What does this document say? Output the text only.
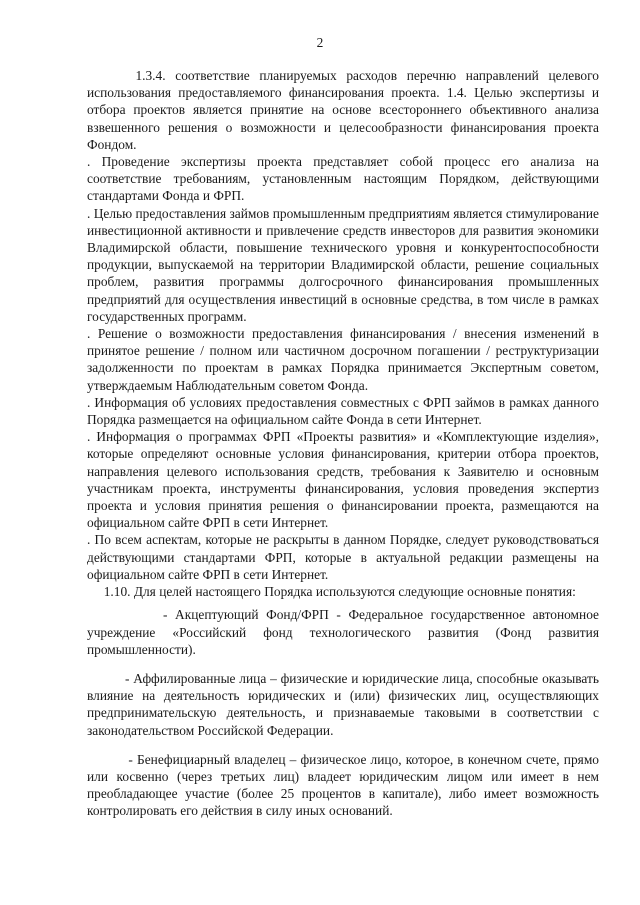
2

1.3.4. соответствие планируемых расходов перечню направлений целевого использования предоставляемого финансирования проекта. 1.4. Целью экспертизы и отбора проектов является принятие на основе всестороннего объективного анализа взвешенного решения о возможности и целесообразности финансирования проекта Фондом.

. Проведение экспертизы проекта представляет собой процесс его анализа на соответствие требованиям, установленным настоящим Порядком, действующими стандартами Фонда и ФРП.

. Целью предоставления займов промышленным предприятиям является стимулирование инвестиционной активности и привлечение средств инвесторов для развития экономики Владимирской области, повышение технического уровня и конкурентоспособности продукции, выпускаемой на территории Владимирской области, решение социальных проблем, развития программы долгосрочного финансирования промышленных предприятий для осуществления инвестиций в основные средства, в том числе в рамках государственных программ.

. Решение о возможности предоставления финансирования / внесения изменений в принятое решение / полном или частичном досрочном погашении / реструктуризации задолженности по проектам в рамках Порядка принимается Экспертным советом, утверждаемым Наблюдательным советом Фонда.

. Информация об условиях предоставления совместных с ФРП займов в рамках данного Порядка размещается на официальном сайте Фонда в сети Интернет.

. Информация о программах ФРП «Проекты развития» и «Комплектующие изделия», которые определяют основные условия финансирования, критерии отбора проектов, направления целевого использования средств, требования к Заявителю и основным участникам проекта, инструменты финансирования, условия проведения экспертиз проекта и условия принятия решения о финансировании проекта, размещаются на официальном сайте ФРП в сети Интернет.

. По всем аспектам, которые не раскрыты в данном Порядке, следует руководствоваться действующими стандартами ФРП, которые в актуальной редакции размещены на официальном сайте ФРП в сети Интернет.

1.10. Для целей настоящего Порядка используются следующие основные понятия:

- Акцептующий Фонд/ФРП - Федеральное государственное автономное учреждение «Российский фонд технологического развития (Фонд развития промышленности).

- Аффилированные лица – физические и юридические лица, способные оказывать влияние на деятельность юридических и (или) физических лиц, осуществляющих предпринимательскую деятельность, и признаваемые таковыми в соответствии с законодательством Российской Федерации.

- Бенефициарный владелец – физическое лицо, которое, в конечном счете, прямо или косвенно (через третьих лиц) владеет юридическим лицом или имеет в нем преобладающее участие (более 25 процентов в капитале), либо имеет возможность контролировать его действия в силу иных оснований.
